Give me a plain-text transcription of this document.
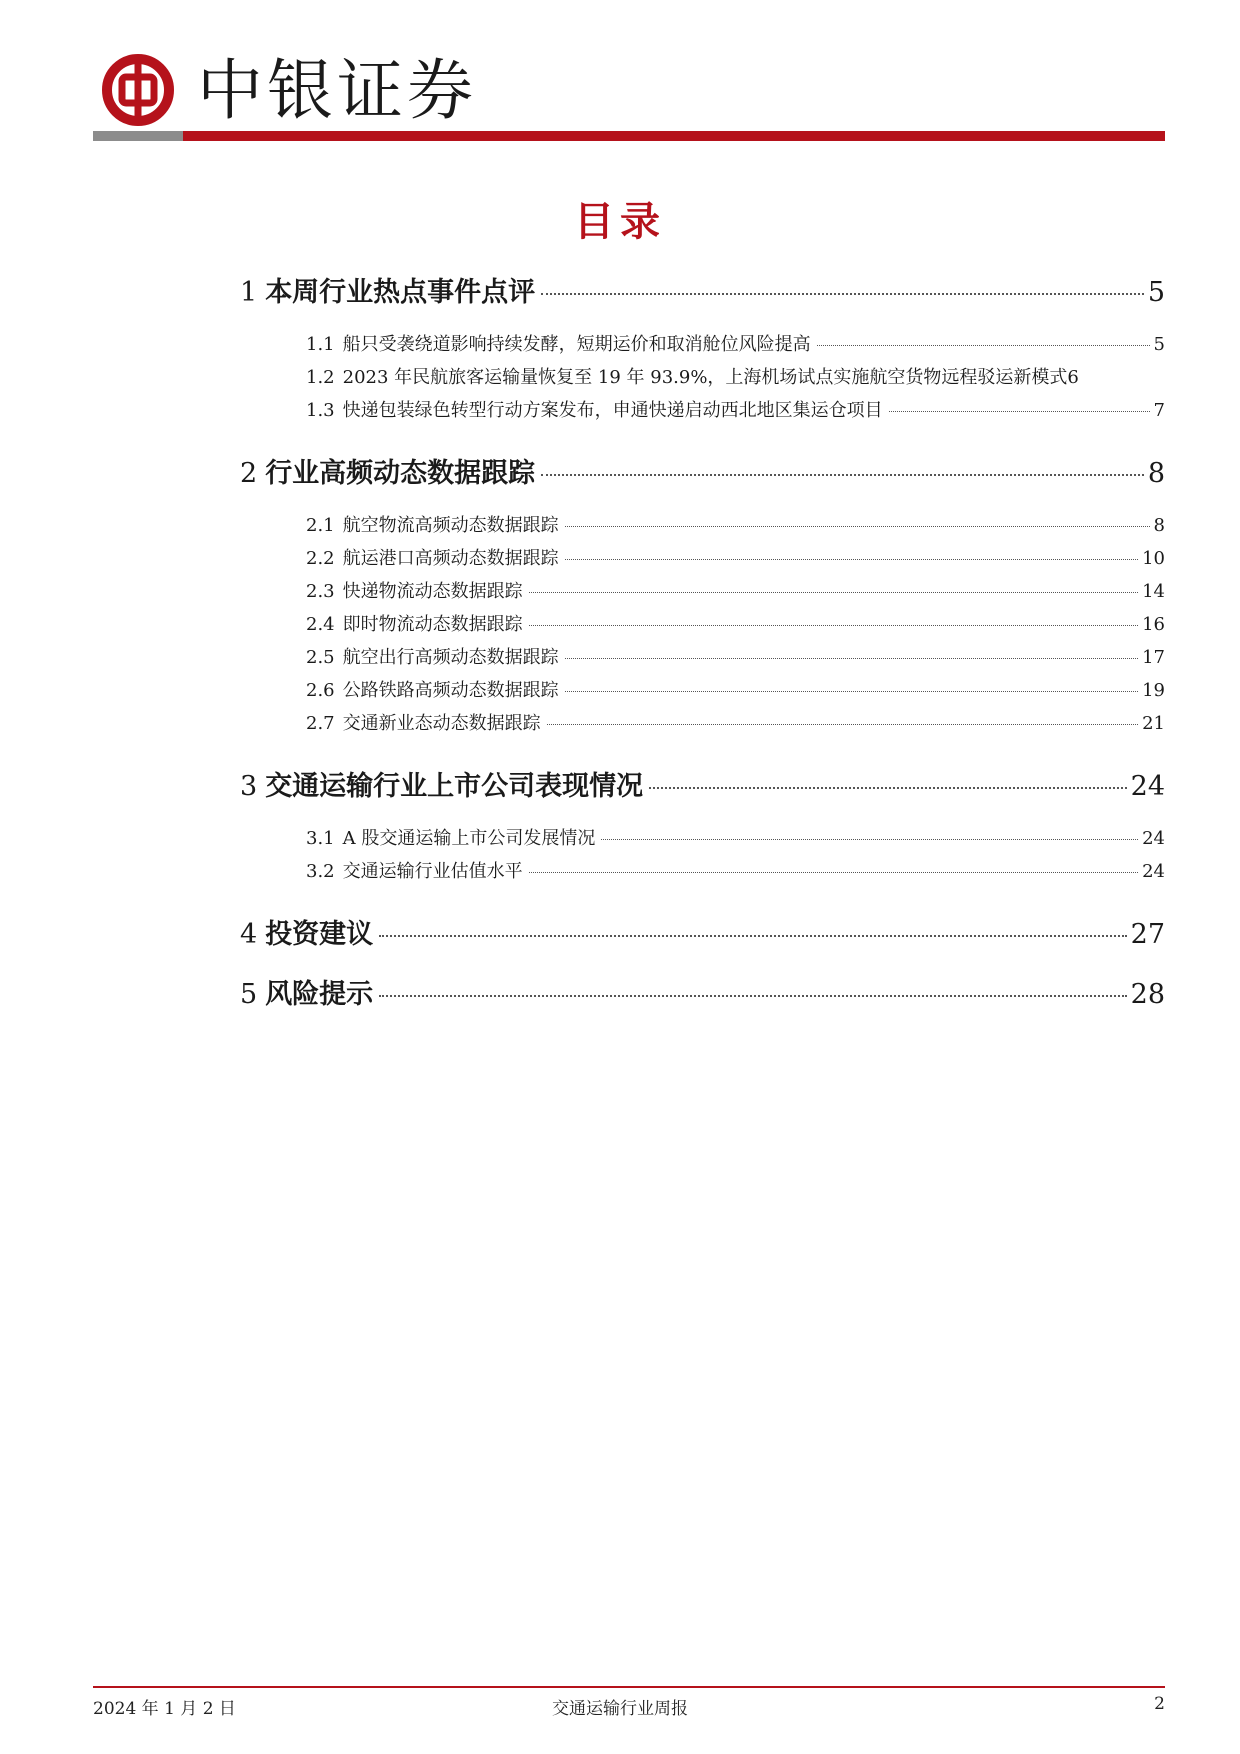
中银证券
目录
1 本周行业热点事件点评	5
1.1 船只受袭绕道影响持续发酵，短期运价和取消舱位风险提高	5
1.2 2023 年民航旅客运输量恢复至 19 年 93.9%，上海机场试点实施航空货物远程驳运新模式 6
1.3 快递包装绿色转型行动方案发布，申通快递启动西北地区集运仓项目	7
2 行业高频动态数据跟踪	8
2.1 航空物流高频动态数据跟踪	8
2.2 航运港口高频动态数据跟踪	10
2.3 快递物流动态数据跟踪	14
2.4 即时物流动态数据跟踪	16
2.5 航空出行高频动态数据跟踪	17
2.6 公路铁路高频动态数据跟踪	19
2.7 交通新业态动态数据跟踪	21
3 交通运输行业上市公司表现情况	24
3.1 A 股交通运输上市公司发展情况	24
3.2 交通运输行业估值水平	24
4 投资建议	27
5 风险提示	28
2024 年 1 月 2 日	交通运输行业周报	2
